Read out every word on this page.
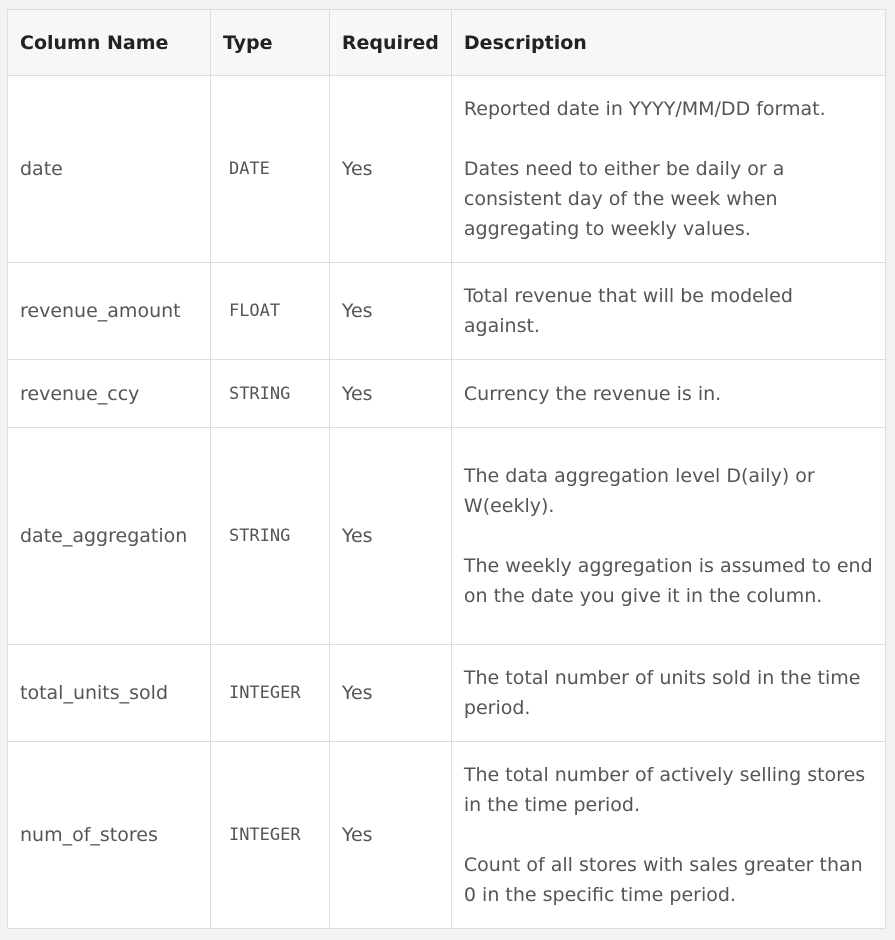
Column Name	Type	Required	Description
date	DATE	Yes	Reported date in YYYY/MM/DD format.

Dates need to either be daily or a consistent day of the week when aggregating to weekly values.

revenue_amount	FLOAT	Yes	Total revenue that will be modeled against.

revenue_ccy	STRING	Yes	Currency the revenue is in.

date_aggregation	STRING	Yes	The data aggregation level D(aily) or W(eekly).

The weekly aggregation is assumed to end on the date you give it in the column.

total_units_sold	INTEGER	Yes	The total number of units sold in the time period.

num_of_stores	INTEGER	Yes	The total number of actively selling stores in the time period.

Count of all stores with sales greater than 0 in the specific time period.
